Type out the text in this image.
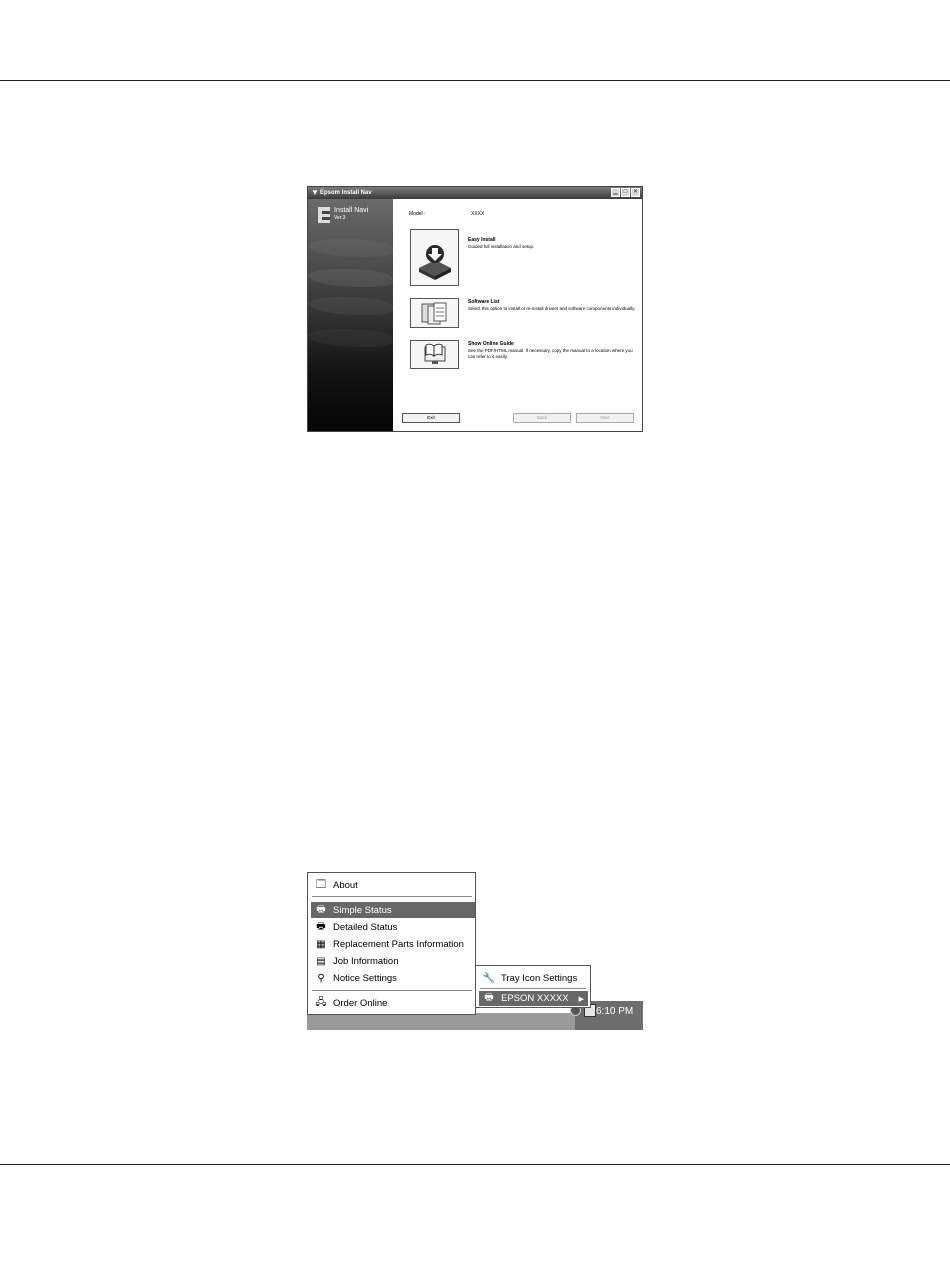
▼ Epsom Install Nav	▁ □ ✕
Install Navi
Ver.3
Model :	XXXX
Easy Install
Guided full installation and setup.
Software List
Select this option to install or re-install drivers and software components individually.
Show Online Guide
See the PDF/HTML manual. If necessary, copy the manual to a location where you can refer to it easily.
Exit	Back	Next
6:10 PM
🗔 About
🖶 Simple Status
🖶 Detailed Status
▦ Replacement Parts Information
▤ Job Information
⚲ Notice Settings
🖧 Order Online
🔧 Tray Icon Settings
🖶 EPSON XXXXX ▶
